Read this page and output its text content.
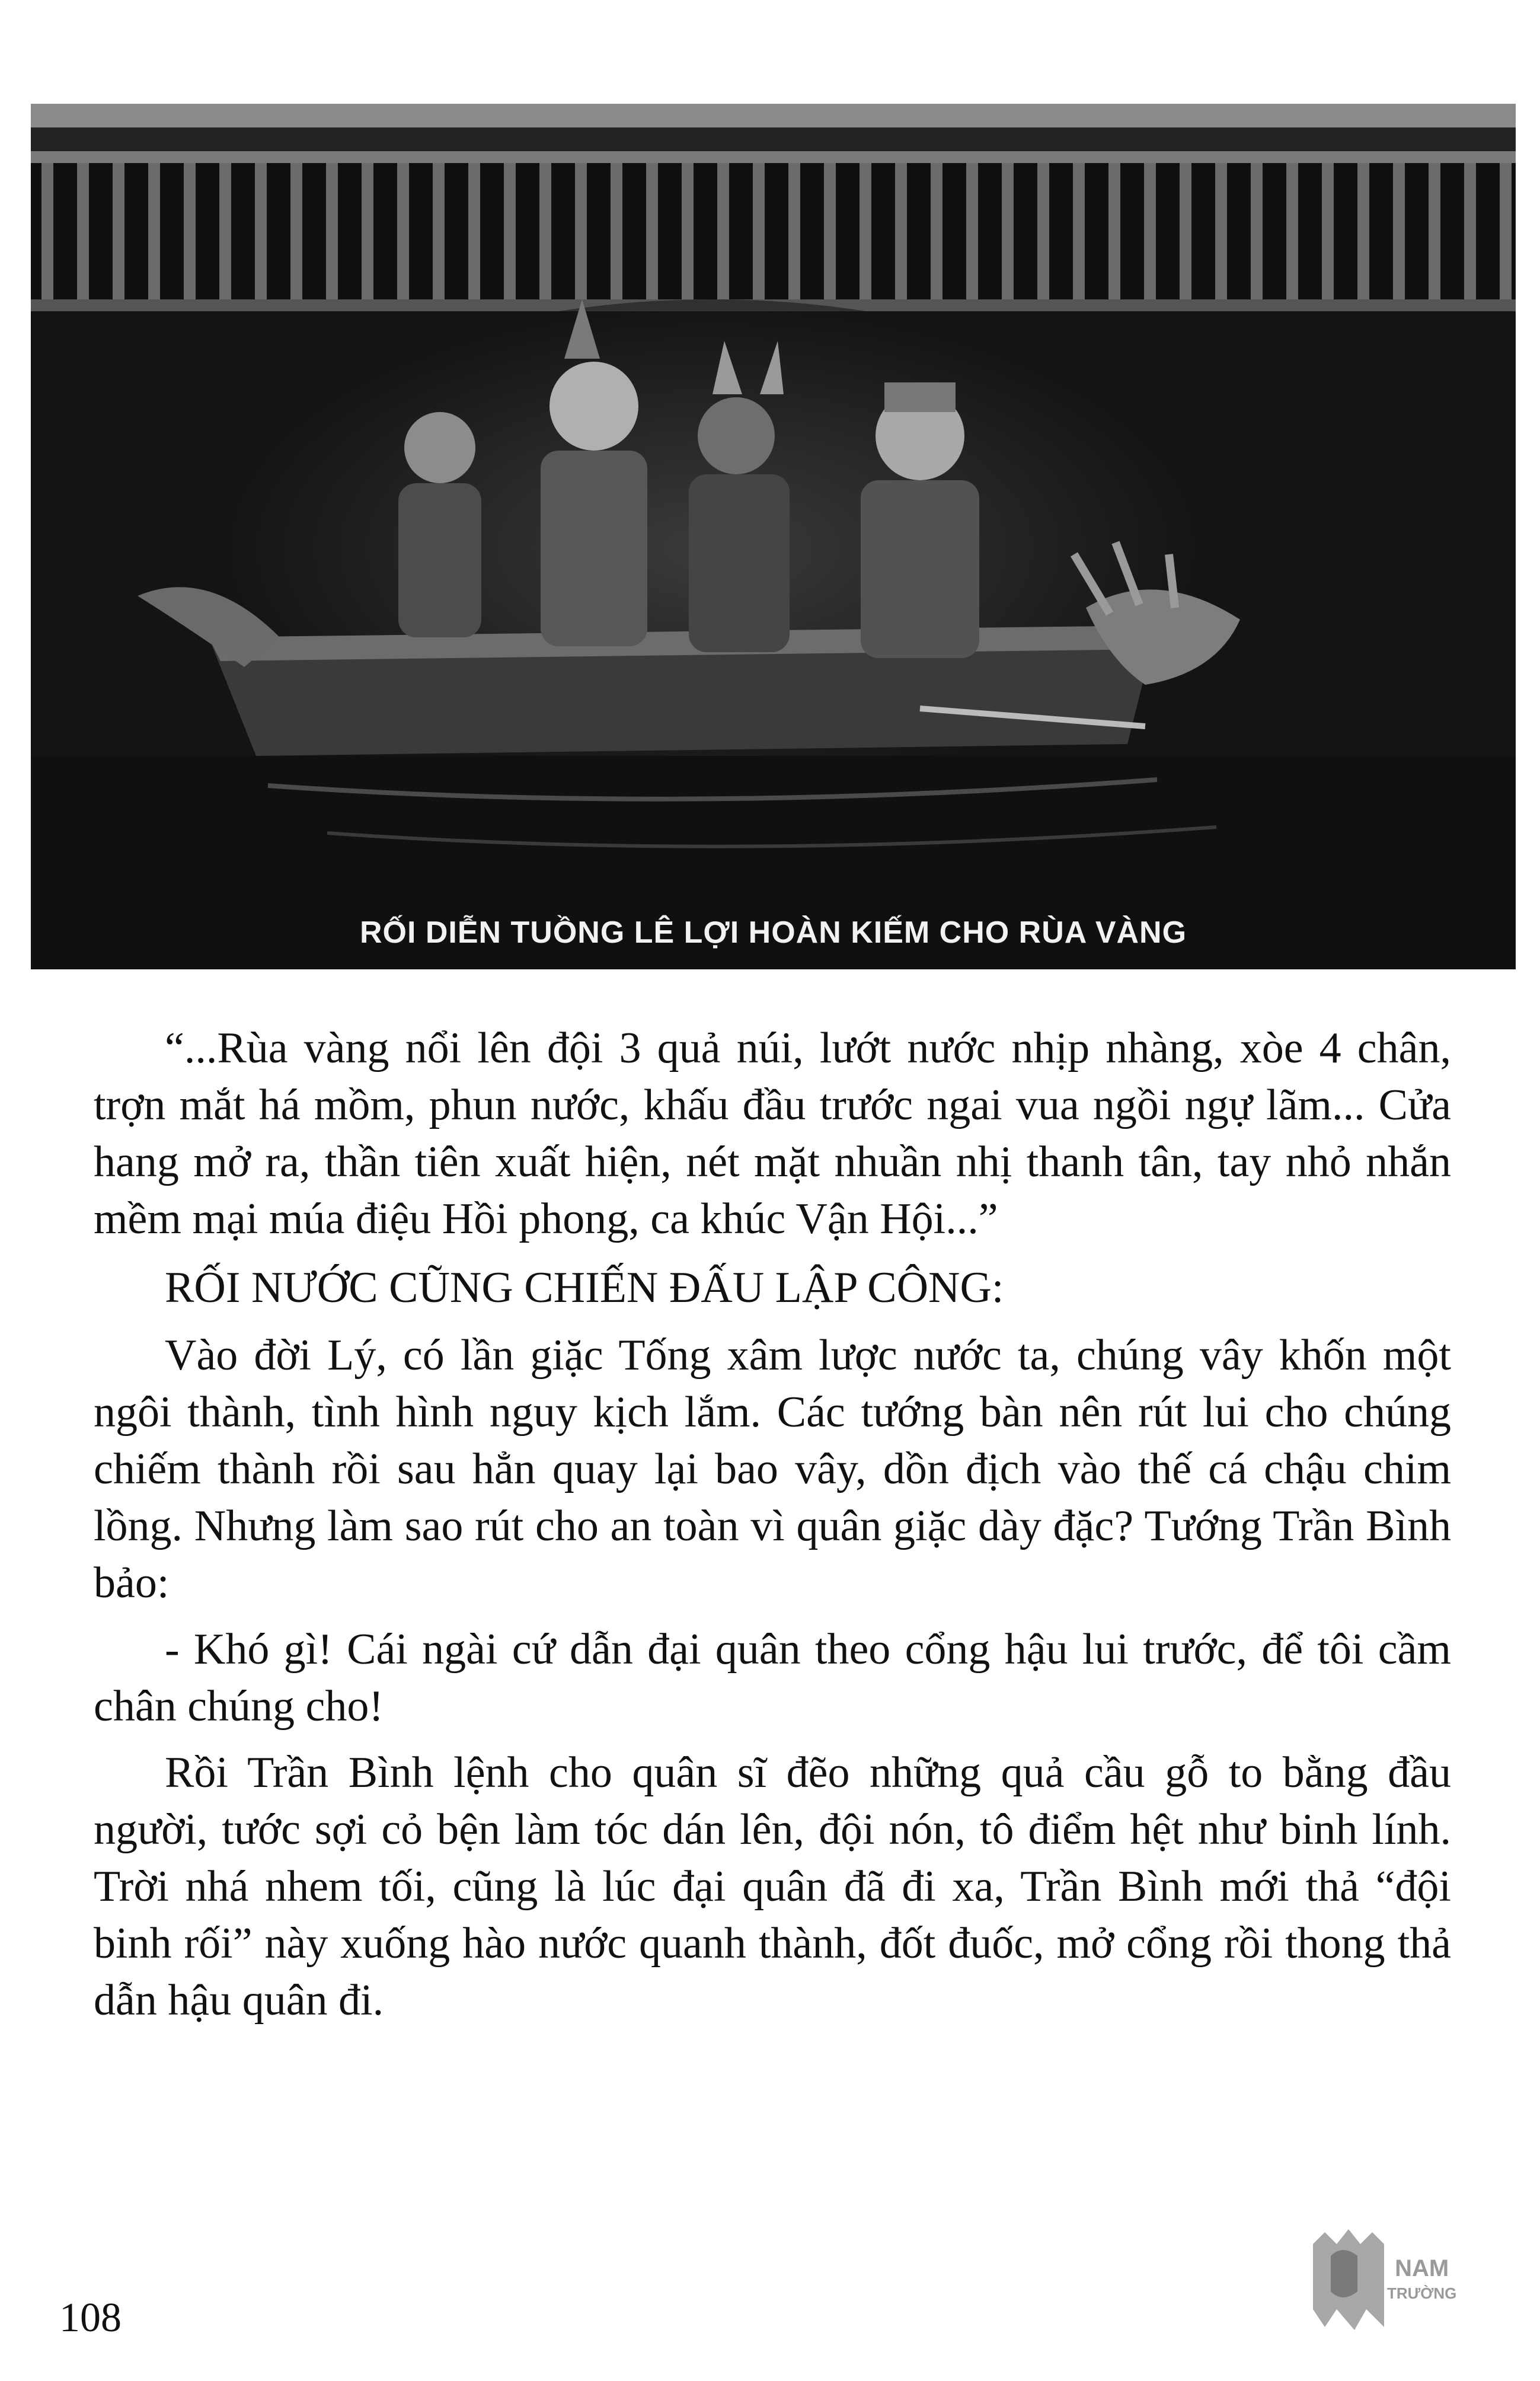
RỐI DIỄN TUỒNG LÊ LỢI HOÀN KIẾM CHO RÙA VÀNG

“...Rùa vàng nổi lên đội 3 quả núi, lướt nước nhịp nhàng, xòe 4 chân, trợn mắt há mồm, phun nước, khấu đầu trước ngai vua ngồi ngự lãm... Cửa hang mở ra, thần tiên xuất hiện, nét mặt nhuần nhị thanh tân, tay nhỏ nhắn mềm mại múa điệu Hồi phong, ca khúc Vận Hội...”

RỐI NƯỚC CŨNG CHIẾN ĐẤU LẬP CÔNG:

Vào đời Lý, có lần giặc Tống xâm lược nước ta, chúng vây khốn một ngôi thành, tình hình nguy kịch lắm. Các tướng bàn nên rút lui cho chúng chiếm thành rồi sau hẳn quay lại bao vây, dồn địch vào thế cá chậu chim lồng. Nhưng làm sao rút cho an toàn vì quân giặc dày đặc? Tướng Trần Bình bảo:

- Khó gì! Cái ngài cứ dẫn đại quân theo cổng hậu lui trước, để tôi cầm chân chúng cho!

Rồi Trần Bình lệnh cho quân sĩ đẽo những quả cầu gỗ to bằng đầu người, tước sợi cỏ bện làm tóc dán lên, đội nón, tô điểm hệt như binh lính. Trời nhá nhem tối, cũng là lúc đại quân đã đi xa, Trần Bình mới thả “đội binh rối” này xuống hào nước quanh thành, đốt đuốc, mở cổng rồi thong thả dẫn hậu quân đi.

108
NAM
TRƯỜNG
